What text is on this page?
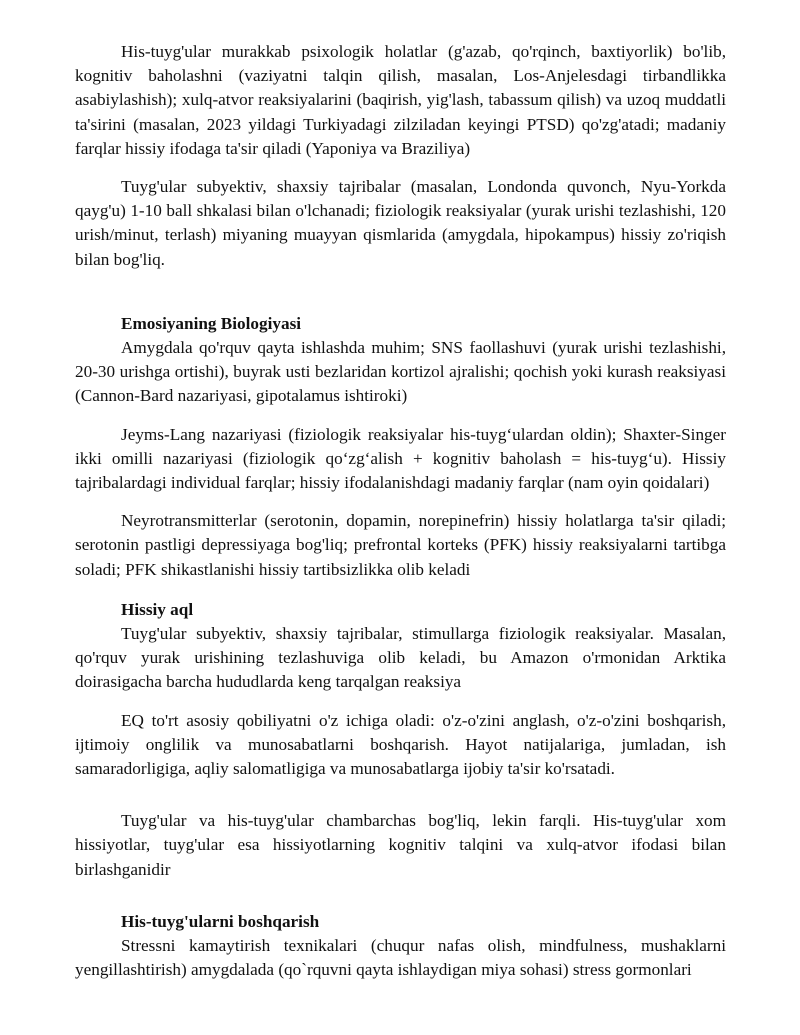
His-tuyg'ular murakkab psixologik holatlar (g'azab, qo'rqinch, baxtiyorlik) bo'lib, kognitiv baholashni (vaziyatni talqin qilish, masalan, Los-Anjelesdagi tirbandlikka asabiylashish); xulq-atvor reaksiyalarini (baqirish, yig'lash, tabassum qilish) va uzoq muddatli ta'sirini (masalan, 2023 yildagi Turkiyadagi zilziladan keyingi PTSD) qo'zg'atadi; madaniy farqlar hissiy ifodaga ta'sir qiladi (Yaponiya va Braziliya)

Tuyg'ular subyektiv, shaxsiy tajribalar (masalan, Londonda quvonch, Nyu-Yorkda qayg'u) 1-10 ball shkalasi bilan o'lchanadi; fiziologik reaksiyalar (yurak urishi tezlashishi, 120 urish/minut, terlash) miyaning muayyan qismlarida (amygdala, hipokampus) hissiy zo'riqish bilan bog'liq.

Emosiyaning Biologiyasi

Amygdala qo'rquv qayta ishlashda muhim; SNS faollashuvi (yurak urishi tezlashishi, 20-30 urishga ortishi), buyrak usti bezlaridan kortizol ajralishi; qochish yoki kurash reaksiyasi (Cannon-Bard nazariyasi, gipotalamus ishtiroki)

Jeyms-Lang nazariyasi (fiziologik reaksiyalar his-tuyg‘ulardan oldin); Shaxter-Singer ikki omilli nazariyasi (fiziologik qo‘zg‘alish + kognitiv baholash = his-tuyg‘u). Hissiy tajribalardagi individual farqlar; hissiy ifodalanishdagi madaniy farqlar (nam oyin qoidalari)

Neyrotransmitterlar (serotonin, dopamin, norepinefrin) hissiy holatlarga ta'sir qiladi; serotonin pastligi depressiyaga bog'liq; prefrontal korteks (PFK) hissiy reaksiyalarni tartibga soladi; PFK shikastlanishi hissiy tartibsizlikka olib keladi

Hissiy aql

Tuyg'ular subyektiv, shaxsiy tajribalar, stimullarga fiziologik reaksiyalar. Masalan, qo'rquv yurak urishining tezlashuviga olib keladi, bu Amazon o'rmonidan Arktika doirasigacha barcha hududlarda keng tarqalgan reaksiya

EQ to'rt asosiy qobiliyatni o'z ichiga oladi: o'z-o'zini anglash, o'z-o'zini boshqarish, ijtimoiy onglilik va munosabatlarni boshqarish. Hayot natijalariga, jumladan, ish samaradorligiga, aqliy salomatligiga va munosabatlarga ijobiy ta'sir ko'rsatadi.

Tuyg'ular va his-tuyg'ular chambarchas bog'liq, lekin farqli. His-tuyg'ular xom hissiyotlar, tuyg'ular esa hissiyotlarning kognitiv talqini va xulq-atvor ifodasi bilan birlashganidir

His-tuyg'ularni boshqarish

Stressni kamaytirish texnikalari (chuqur nafas olish, mindfulness, mushaklarni yengillashtirish) amygdalada (qo`rquvni qayta ishlaydigan miya sohasi) stress gormonlari
